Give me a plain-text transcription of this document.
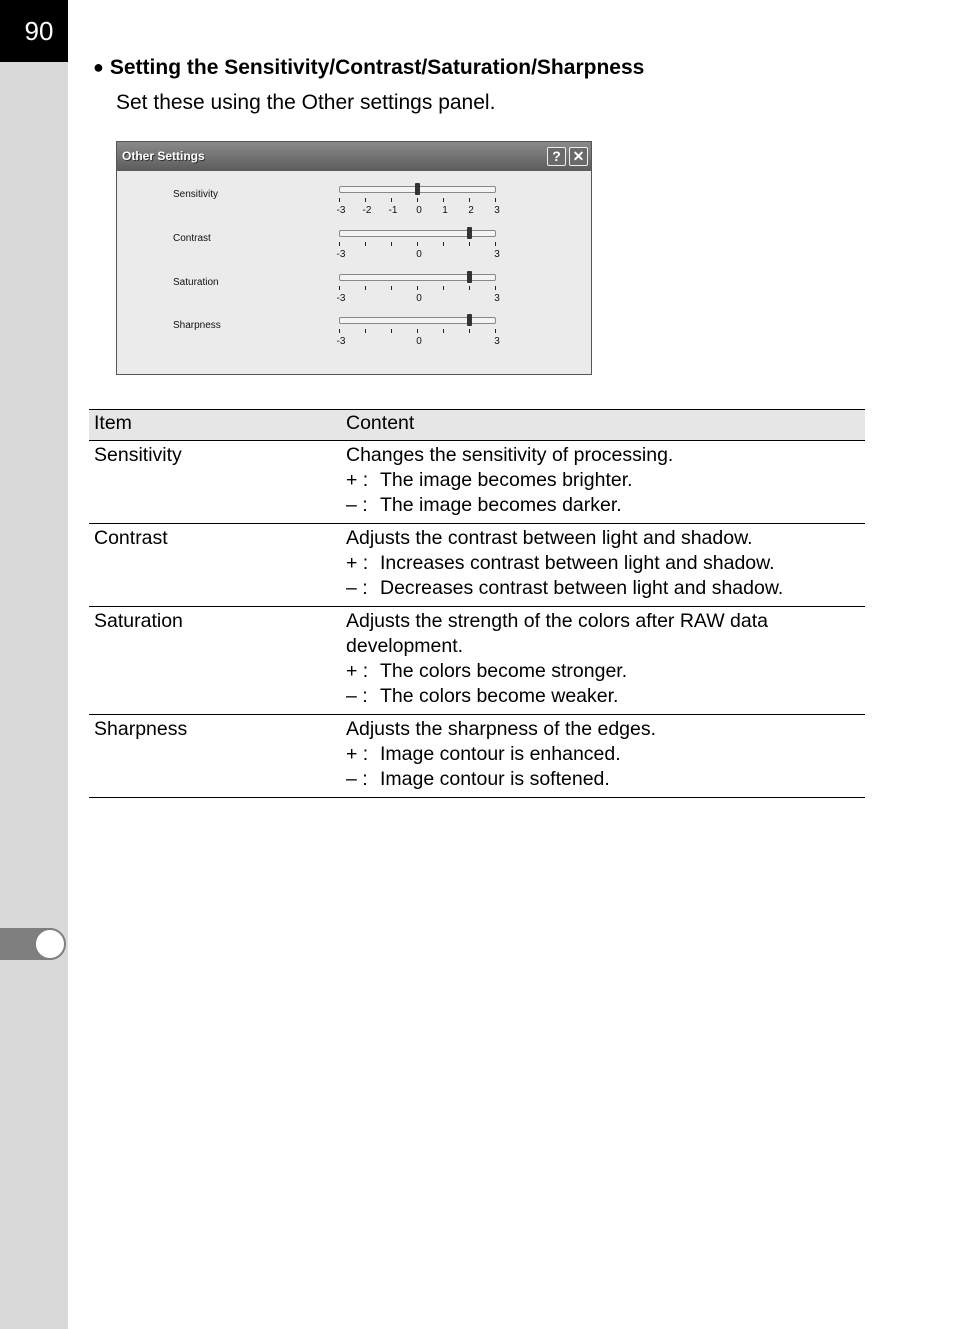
90
● Setting the Sensitivity/Contrast/Saturation/Sharpness
Set these using the Other settings panel.
Other Settings	? ✕
Sensitivity
-3 -2 -1 0 1 2 3
Contrast
-3	0	3
Saturation
-3	0	3
Sharpness
-3	0	3
Item	Content
Sensitivity	Changes the sensitivity of processing.
+ : The image becomes brighter.
– : The image becomes darker.

Contrast	Adjusts the contrast between light and shadow.
+ : Increases contrast between light and shadow.
– : Decreases contrast between light and shadow.

Saturation	Adjusts the strength of the colors after RAW data development.
+ : The colors become stronger.
– : The colors become weaker.

Sharpness	Adjusts the sharpness of the edges.
+ : Image contour is enhanced.
– : Image contour is softened.
